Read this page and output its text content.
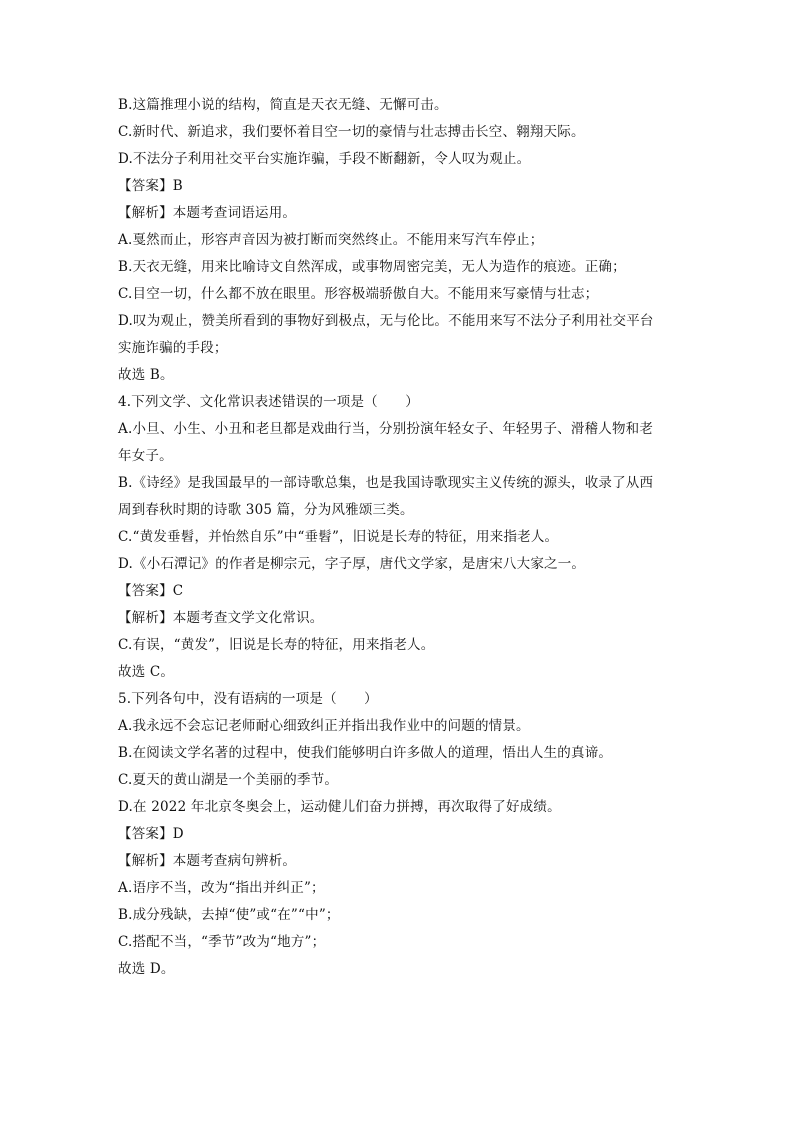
B.这篇推理小说的结构，简直是天衣无缝、无懈可击。
C.新时代、新追求，我们要怀着目空一切的豪情与壮志搏击长空、翱翔天际。
D.不法分子利用社交平台实施诈骗，手段不断翻新，令人叹为观止。
【答案】B
【解析】本题考查词语运用。
A.戛然而止，形容声音因为被打断而突然终止。不能用来写汽车停止；
B.天衣无缝，用来比喻诗文自然浑成，或事物周密完美，无人为造作的痕迹。正确；
C.目空一切，什么都不放在眼里。形容极端骄傲自大。不能用来写豪情与壮志；
D.叹为观止，赞美所看到的事物好到极点，无与伦比。不能用来写不法分子利用社交平台
实施诈骗的手段；
故选 B。
4.下列文学、文化常识表述错误的一项是（　　）
A.小旦、小生、小丑和老旦都是戏曲行当，分别扮演年轻女子、年轻男子、滑稽人物和老
年女子。
B.《诗经》是我国最早的一部诗歌总集，也是我国诗歌现实主义传统的源头，收录了从西
周到春秋时期的诗歌 305 篇，分为风雅颂三类。
C.“黄发垂髫，并怡然自乐”中“垂髫”，旧说是长寿的特征，用来指老人。
D.《小石潭记》的作者是柳宗元，字子厚，唐代文学家，是唐宋八大家之一。
【答案】C
【解析】本题考查文学文化常识。
C.有误，“黄发”，旧说是长寿的特征，用来指老人。
故选 C。
5.下列各句中，没有语病的一项是（　　）
A.我永远不会忘记老师耐心细致纠正并指出我作业中的问题的情景。
B.在阅读文学名著的过程中，使我们能够明白许多做人的道理，悟出人生的真谛。
C.夏天的黄山湖是一个美丽的季节。
D.在 2022 年北京冬奥会上，运动健儿们奋力拼搏，再次取得了好成绩。
【答案】D
【解析】本题考查病句辨析。
A.语序不当，改为“指出并纠正”；
B.成分残缺，去掉“使”或“在”“中”；
C.搭配不当，“季节”改为“地方”；
故选 D。
